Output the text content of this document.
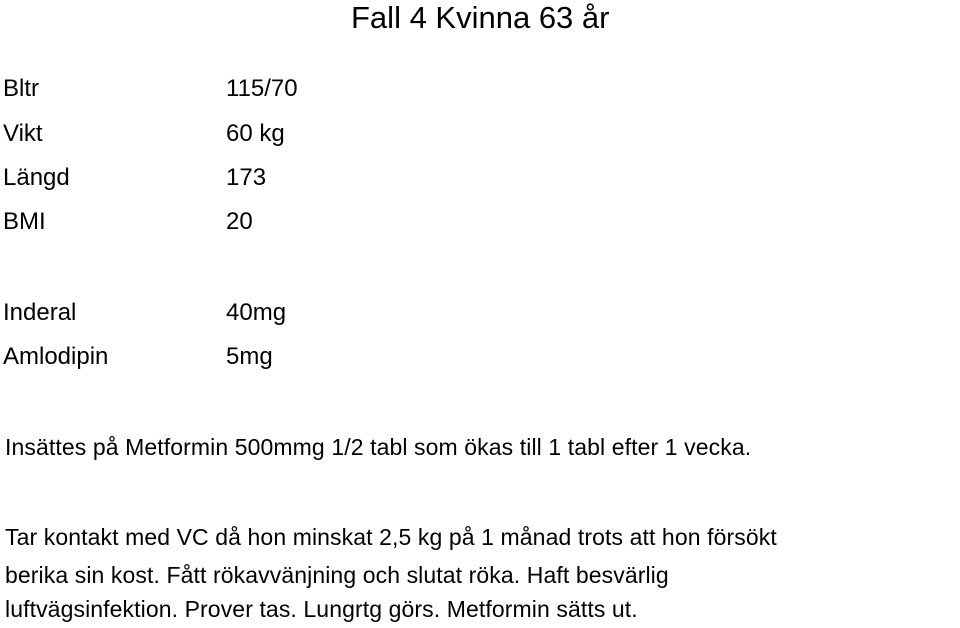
Fall 4 Kvinna 63 år
Bltr	115/70
Vikt	60 kg
Längd	173
BMI	20
Inderal	40mg
Amlodipin	5mg
Insättes på Metformin 500mmg 1/2 tabl som ökas till 1 tabl efter 1 vecka.
Tar kontakt med VC då hon minskat 2,5 kg på 1 månad trots att hon försökt
berika sin kost. Fått rökavvänjning och slutat röka. Haft besvärlig
luftvägsinfektion. Prover tas. Lungrtg görs. Metformin sätts ut.
